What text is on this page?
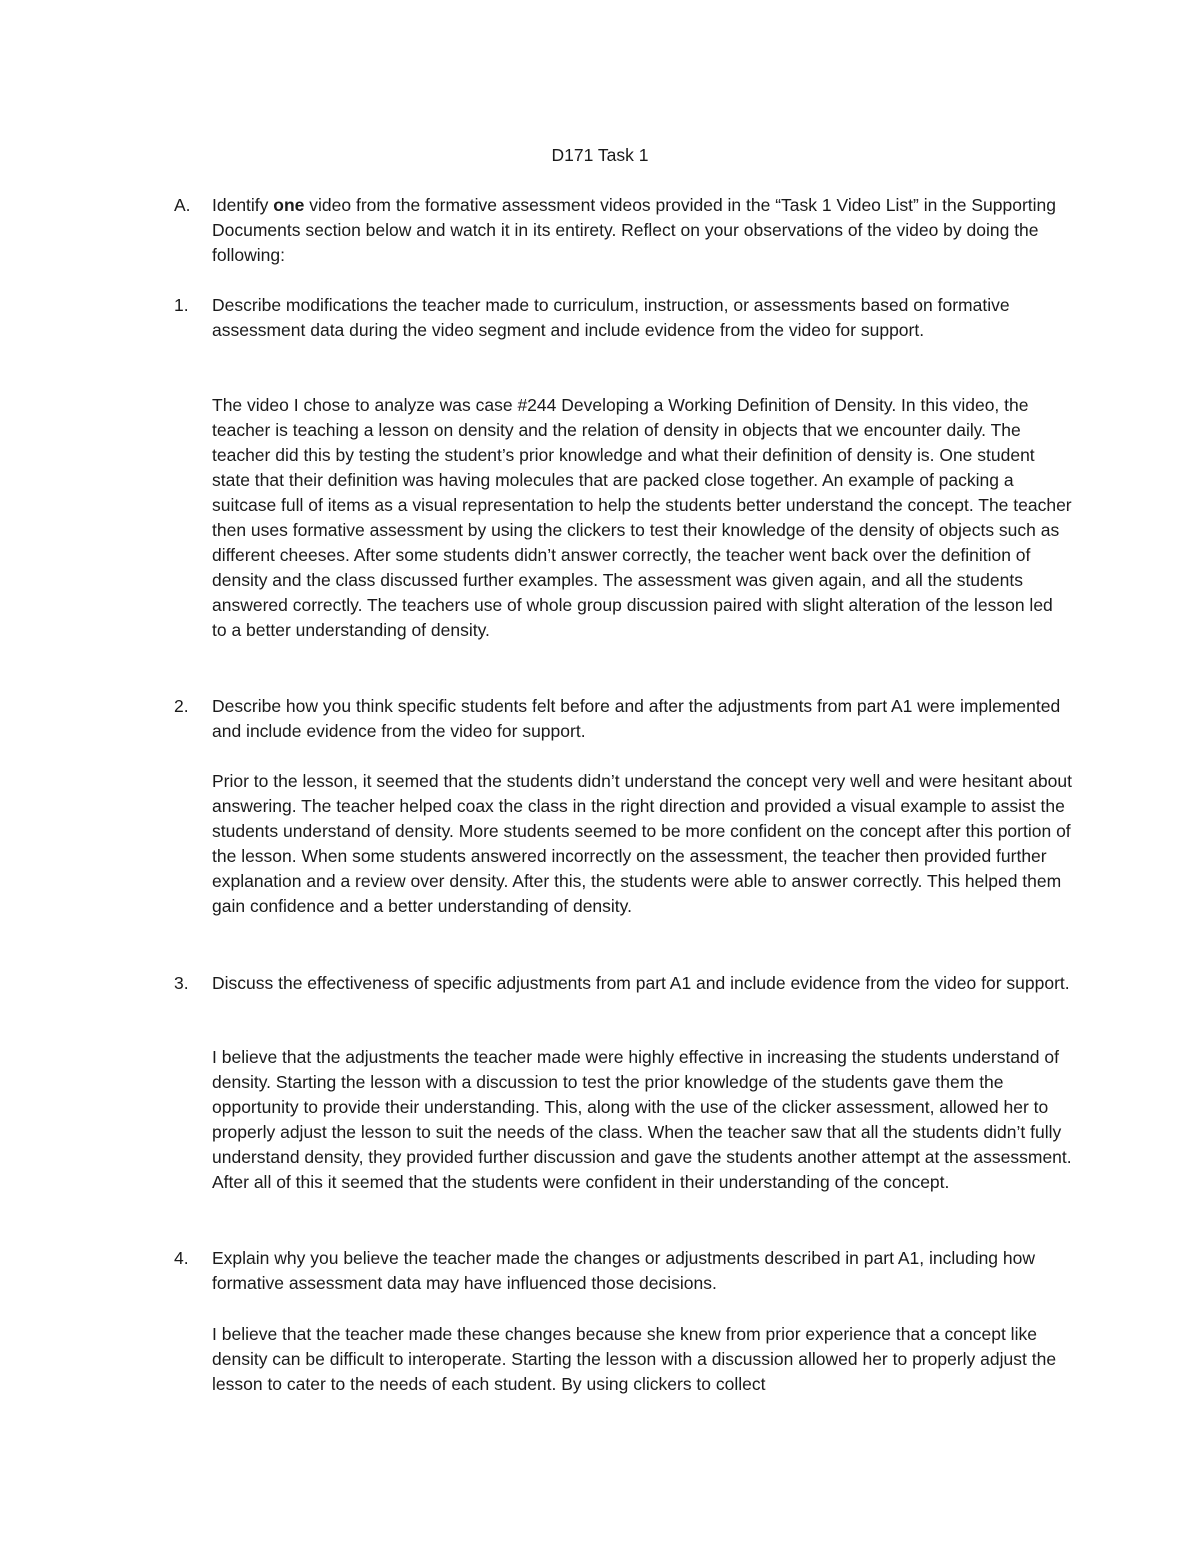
D171 Task 1
A. Identify one video from the formative assessment videos provided in the “Task 1 Video List” in the Supporting Documents section below and watch it in its entirety. Reflect on your observations of the video by doing the following:
1. Describe modifications the teacher made to curriculum, instruction, or assessments based on formative assessment data during the video segment and include evidence from the video for support.

The video I chose to analyze was case #244 Developing a Working Definition of Density. In this video, the teacher is teaching a lesson on density and the relation of density in objects that we encounter daily. The teacher did this by testing the student’s prior knowledge and what their definition of density is. One student state that their definition was having molecules that are packed close together. An example of packing a suitcase full of items as a visual representation to help the students better understand the concept. The teacher then uses formative assessment by using the clickers to test their knowledge of the density of objects such as different cheeses. After some students didn’t answer correctly, the teacher went back over the definition of density and the class discussed further examples. The assessment was given again, and all the students answered correctly. The teachers use of whole group discussion paired with slight alteration of the lesson led to a better understanding of density.

2. Describe how you think specific students felt before and after the adjustments from part A1 were implemented and include evidence from the video for support.

Prior to the lesson, it seemed that the students didn’t understand the concept very well and were hesitant about answering. The teacher helped coax the class in the right direction and provided a visual example to assist the students understand of density. More students seemed to be more confident on the concept after this portion of the lesson. When some students answered incorrectly on the assessment, the teacher then provided further explanation and a review over density. After this, the students were able to answer correctly. This helped them gain confidence and a better understanding of density.

3. Discuss the effectiveness of specific adjustments from part A1 and include evidence from the video for support.

I believe that the adjustments the teacher made were highly effective in increasing the students understand of density. Starting the lesson with a discussion to test the prior knowledge of the students gave them the opportunity to provide their understanding. This, along with the use of the clicker assessment, allowed her to properly adjust the lesson to suit the needs of the class. When the teacher saw that all the students didn’t fully understand density, they provided further discussion and gave the students another attempt at the assessment. After all of this it seemed that the students were confident in their understanding of the concept.

4. Explain why you believe the teacher made the changes or adjustments described in part A1, including how formative assessment data may have influenced those decisions.

I believe that the teacher made these changes because she knew from prior experience that a concept like density can be difficult to interoperate. Starting the lesson with a discussion allowed her to properly adjust the lesson to cater to the needs of each student. By using clickers to collect
